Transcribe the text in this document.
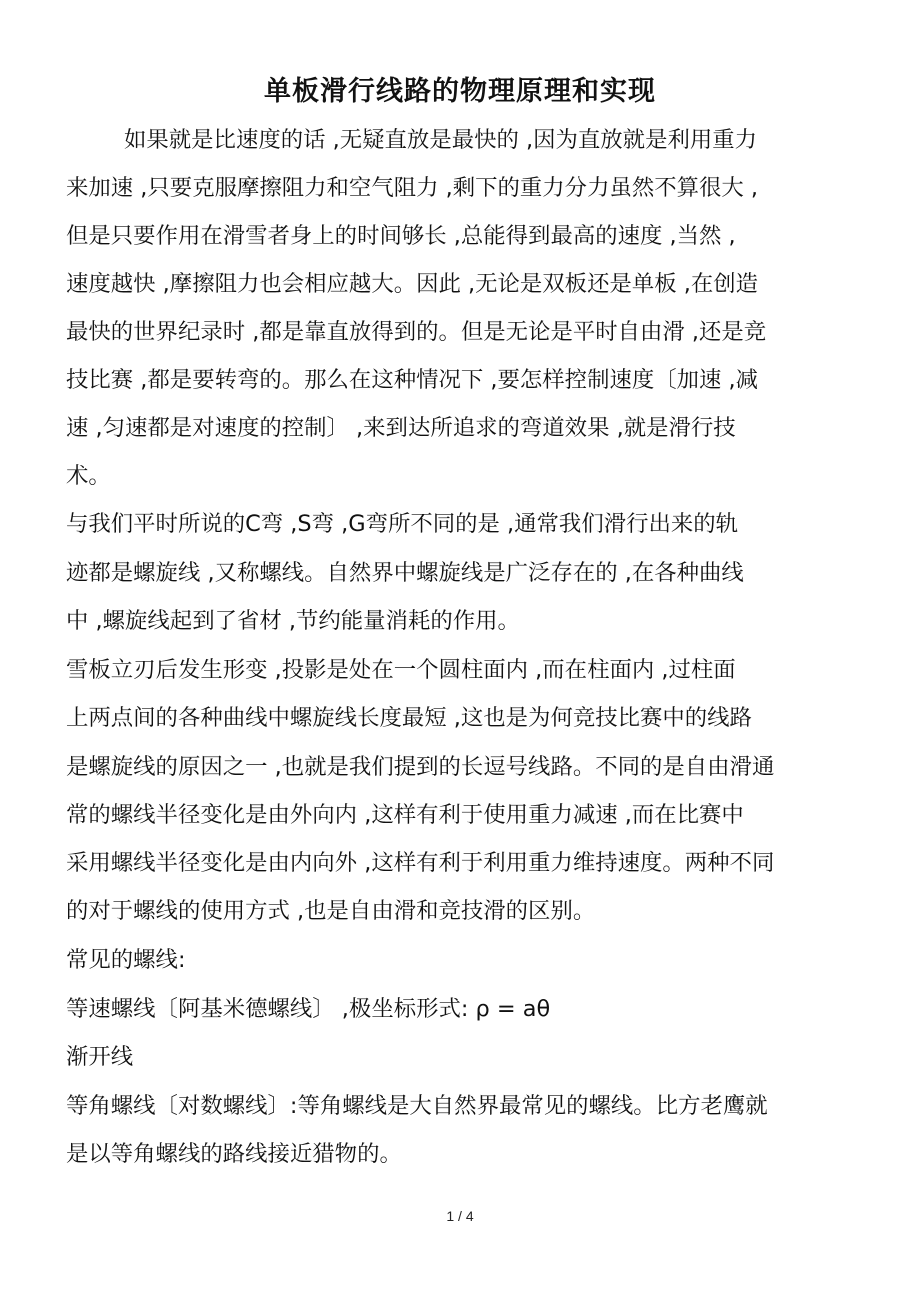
单板滑行线路的物理原理和实现
如果就是比速度的话 ,无疑直放是最快的 ,因为直放就是利用重力
来加速 ,只要克服摩擦阻力和空气阻力 ,剩下的重力分力虽然不算很大 ,
但是只要作用在滑雪者身上的时间够长 ,总能得到最高的速度 ,当然 ,
速度越快 ,摩擦阻力也会相应越大。因此 ,无论是双板还是单板 ,在创造
最快的世界纪录时 ,都是靠直放得到的。但是无论是平时自由滑 ,还是竞
技比赛 ,都是要转弯的。那么在这种情况下 ,要怎样控制速度〔加速 ,减
速 ,匀速都是对速度的控制〕 ,来到达所追求的弯道效果 ,就是滑行技
术。
与我们平时所说的C弯 ,S弯 ,G弯所不同的是 ,通常我们滑行出来的轨
迹都是螺旋线 ,又称螺线。自然界中螺旋线是广泛存在的 ,在各种曲线
中 ,螺旋线起到了省材 ,节约能量消耗的作用。
雪板立刃后发生形变 ,投影是处在一个圆柱面内 ,而在柱面内 ,过柱面
上两点间的各种曲线中螺旋线长度最短 ,这也是为何竞技比赛中的线路
是螺旋线的原因之一 ,也就是我们提到的长逗号线路。不同的是自由滑通
常的螺线半径变化是由外向内 ,这样有利于使用重力减速 ,而在比赛中
采用螺线半径变化是由内向外 ,这样有利于利用重力维持速度。两种不同
的对于螺线的使用方式 ,也是自由滑和竞技滑的区别。
常见的螺线:
等速螺线〔阿基米德螺线〕 ,极坐标形式: ρ = aθ
渐开线
等角螺线〔对数螺线〕:等角螺线是大自然界最常见的螺线。比方老鹰就
是以等角螺线的路线接近猎物的。
1 / 4
